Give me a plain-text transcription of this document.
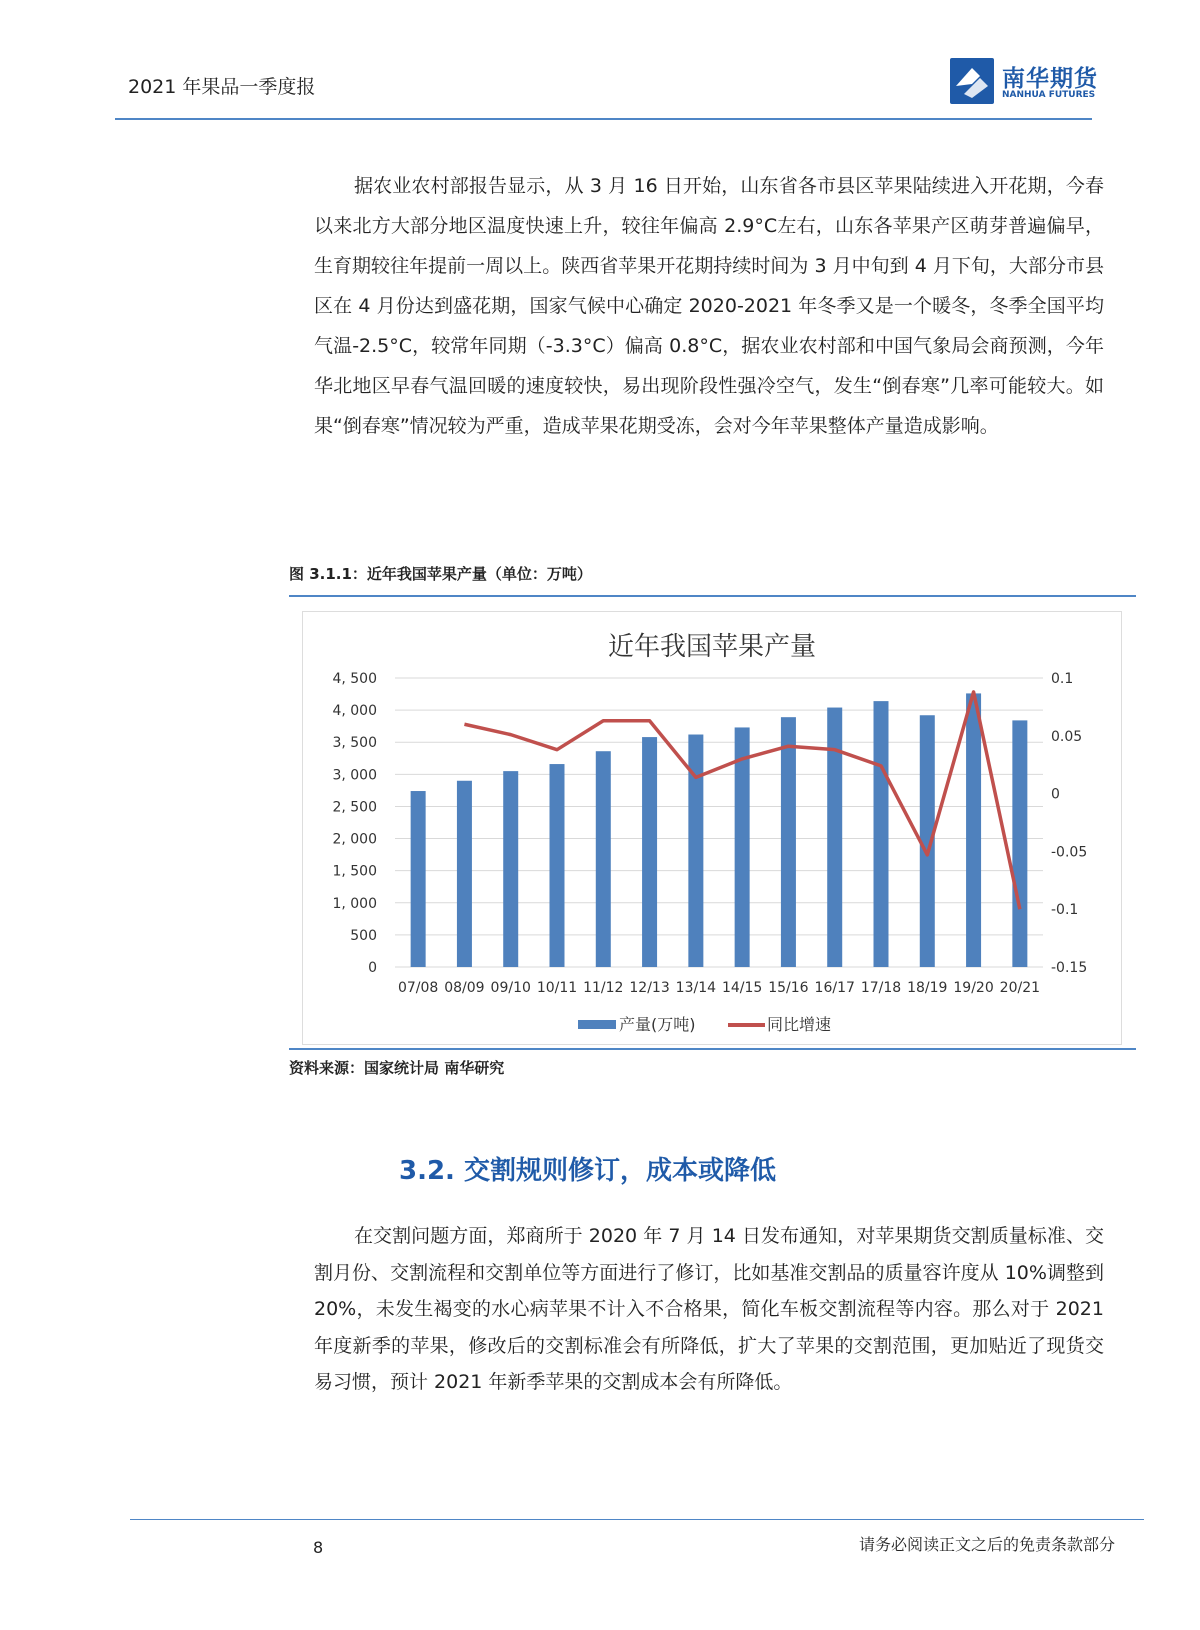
2021 年果品一季度报	南华期货
NANHUA FUTURES
据农业农村部报告显示，从 3 月 16 日开始，山东省各市县区苹果陆续进入开花期，今春以来北方大部分地区温度快速上升，较往年偏高 2.9°C左右，山东各苹果产区萌芽普遍偏早，生育期较往年提前一周以上。陕西省苹果开花期持续时间为 3 月中旬到 4 月下旬，大部分市县区在 4 月份达到盛花期，国家气候中心确定 2020-2021 年冬季又是一个暖冬，冬季全国平均气温-2.5°C，较常年同期（-3.3°C）偏高 0.8°C，据农业农村部和中国气象局会商预测，今年华北地区早春气温回暖的速度较快，易出现阶段性强冷空气，发生“倒春寒”几率可能较大。如果“倒春寒”情况较为严重，造成苹果花期受冻，会对今年苹果整体产量造成影响。
图 3.1.1：近年我国苹果产量（单位：万吨）
近年我国苹果产量
0
500
1, 000
1, 500
2, 000
2, 500
3, 000
3, 500
4, 000
4, 500
-0.15
-0.1
-0.05
0
0.05
0.1
07/08 08/09 09/10 10/11 11/12 12/13 13/14 14/15 15/16 16/17 17/18 18/19 19/20 20/21
产量(万吨)	同比增速
资料来源：国家统计局 南华研究
3.2. 交割规则修订，成本或降低
在交割问题方面，郑商所于 2020 年 7 月 14 日发布通知，对苹果期货交割质量标准、交割月份、交割流程和交割单位等方面进行了修订，比如基准交割品的质量容许度从 10%调整到 20%，未发生褐变的水心病苹果不计入不合格果，简化车板交割流程等内容。那么对于 2021 年度新季的苹果，修改后的交割标准会有所降低，扩大了苹果的交割范围，更加贴近了现货交易习惯，预计 2021 年新季苹果的交割成本会有所降低。
8	请务必阅读正文之后的免责条款部分
